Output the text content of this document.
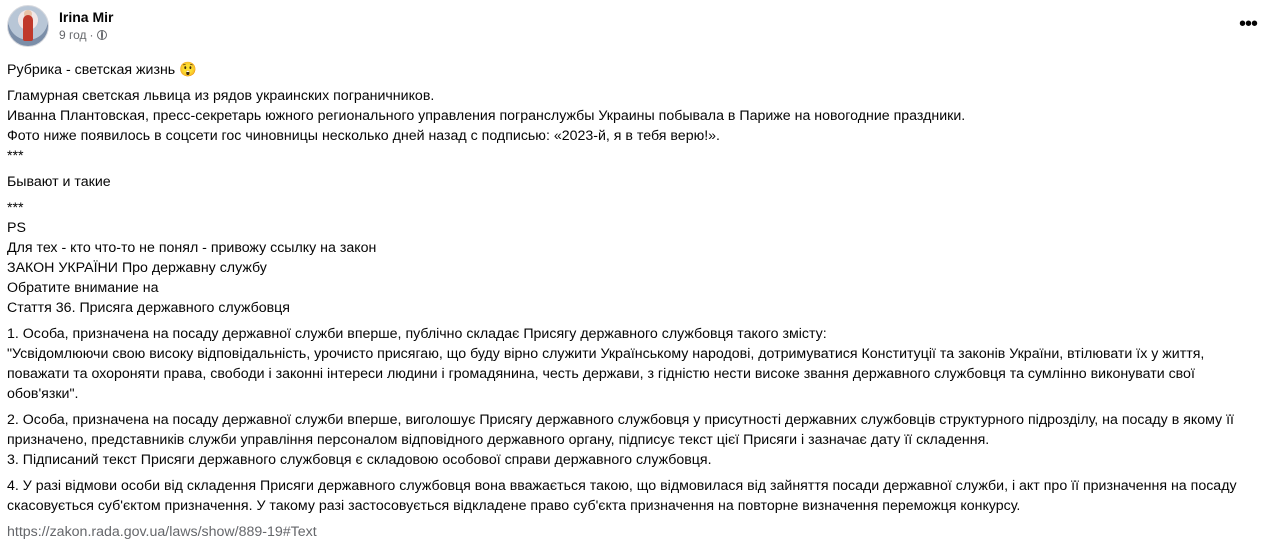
Irina Mir
9 год ·
•••

Рубрика - светская жизнь 😲

Гламурная светская львица из рядов украинских пограничников.

Иванна Плантовская, пресс-секретарь южного регионального управления погранслужбы Украины побывала в Париже на новогодние праздники.

Фото ниже появилось в соцсети гос чиновницы несколько дней назад с подписью: «2023-й, я в тебя верю!».

***

Бывают и такие

***

PS

Для тех - кто что-то не понял - привожу ссылку на закон

ЗАКОН УКРАЇНИ Про державну службу

Обратите внимание на

Стаття 36. Присяга державного службовця

1. Особа, призначена на посаду державної служби вперше, публічно складає Присягу державного службовця такого змісту:

"Усвідомлюючи свою високу відповідальність, урочисто присягаю, що буду вірно служити Українському народові, дотримуватися Конституції та законів України, втілювати їх у життя, поважати та охороняти права, свободи і законні інтереси людини і громадянина, честь держави, з гідністю нести високе звання державного службовця та сумлінно виконувати свої обов'язки".

2. Особа, призначена на посаду державної служби вперше, виголошує Присягу державного службовця у присутності державних службовців структурного підрозділу, на посаду в якому її призначено, представників служби управління персоналом відповідного державного органу, підписує текст цієї Присяги і зазначає дату її складення.

3. Підписаний текст Присяги державного службовця є складовою особової справи державного службовця.

4. У разі відмови особи від складення Присяги державного службовця вона вважається такою, що відмовилася від зайняття посади державної служби, і акт про її призначення на посаду скасовується суб'єктом призначення. У такому разі застосовується відкладене право суб'єкта призначення на повторне визначення переможця конкурсу.

https://zakon.rada.gov.ua/laws/show/889-19#Text
